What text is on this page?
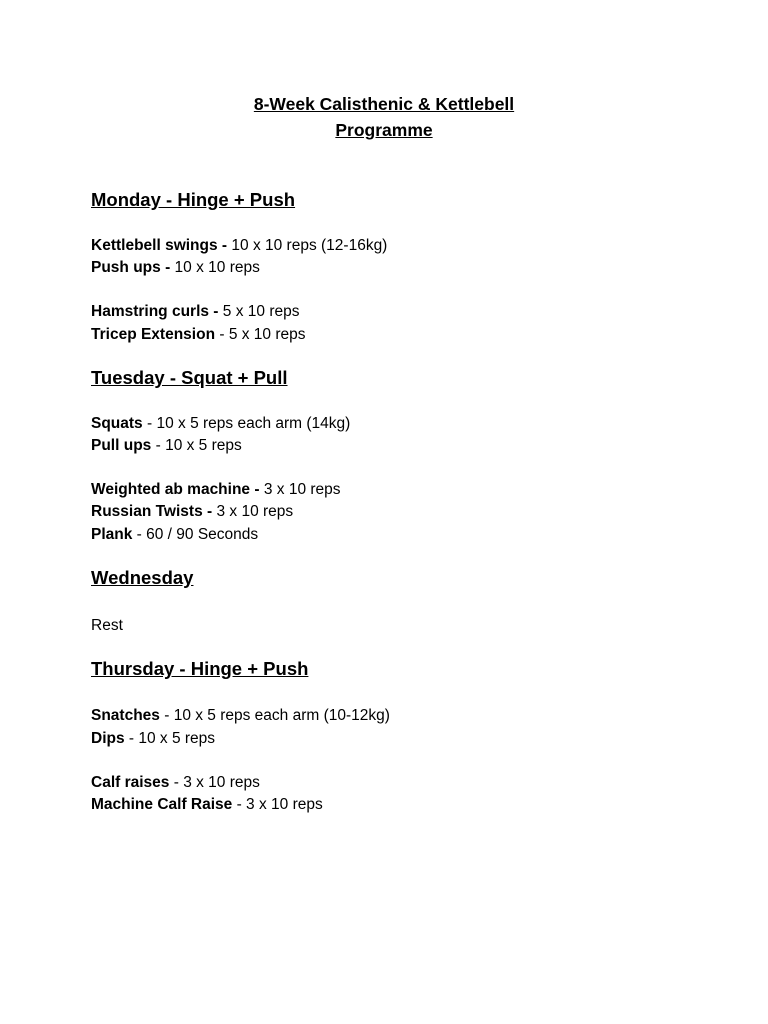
8-Week Calisthenic & Kettlebell
Programme
Monday - Hinge + Push
Kettlebell swings - 10 x 10 reps (12-16kg)
Push ups - 10 x 10 reps
Hamstring curls - 5 x 10 reps
Tricep Extension - 5 x 10 reps
Tuesday - Squat + Pull
Squats - 10 x 5 reps each arm (14kg)
Pull ups - 10 x 5 reps
Weighted ab machine - 3 x 10 reps
Russian Twists - 3 x 10 reps
Plank - 60 / 90 Seconds
Wednesday
Rest
Thursday - Hinge + Push
Snatches - 10 x 5 reps each arm (10-12kg)
Dips - 10 x 5 reps
Calf raises - 3 x 10 reps
Machine Calf Raise - 3 x 10 reps
